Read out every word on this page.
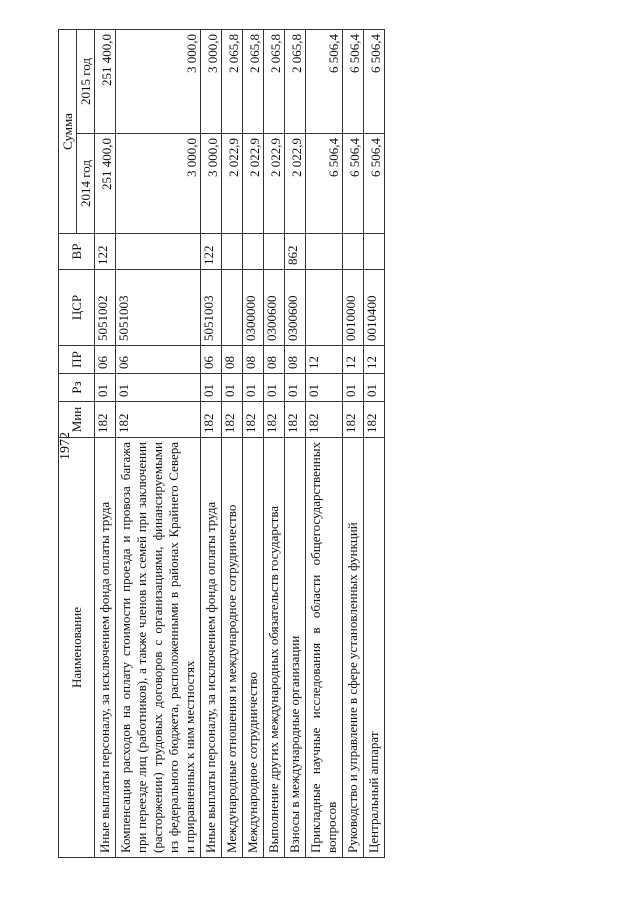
1972
Наименование	Мин	Рз	ПР	ЦСР	ВР	Сумма	
						2014 год	2015 год
Иные выплаты персоналу, за исключением фонда оплаты труда	182	01	06	5051002	122	251 400,0	251 400,0
Компенсация расходов на оплату стоимости проезда и провоза багажа при переезде лиц (работников), а также членов их семей при заключении (расторжении) трудовых договоров с организациями, финансируемыми из федерального бюджета, расположенными в районах Крайнего Севера и приравненных к ним местностях	182	01	06	5051003		3 000,0	3 000,0
Иные выплаты персоналу, за исключением фонда оплаты труда	182	01	06	5051003	122	3 000,0	3 000,0
Международные отношения и международное сотрудничество	182	01	08			2 022,9	2 065,8
Международное сотрудничество	182	01	08	0300000		2 022,9	2 065,8
Выполнение других международных обязательств государства	182	01	08	0300600		2 022,9	2 065,8
Взносы в международные организации	182	01	08	0300600	862	2 022,9	2 065,8
Прикладные научные исследования в области общегосударственных вопросов	182	01	12			6 506,4	6 506,4
Руководство и управление в сфере установленных функций	182	01	12	0010000		6 506,4	6 506,4
Центральный аппарат	182	01	12	0010400		6 506,4	6 506,4
